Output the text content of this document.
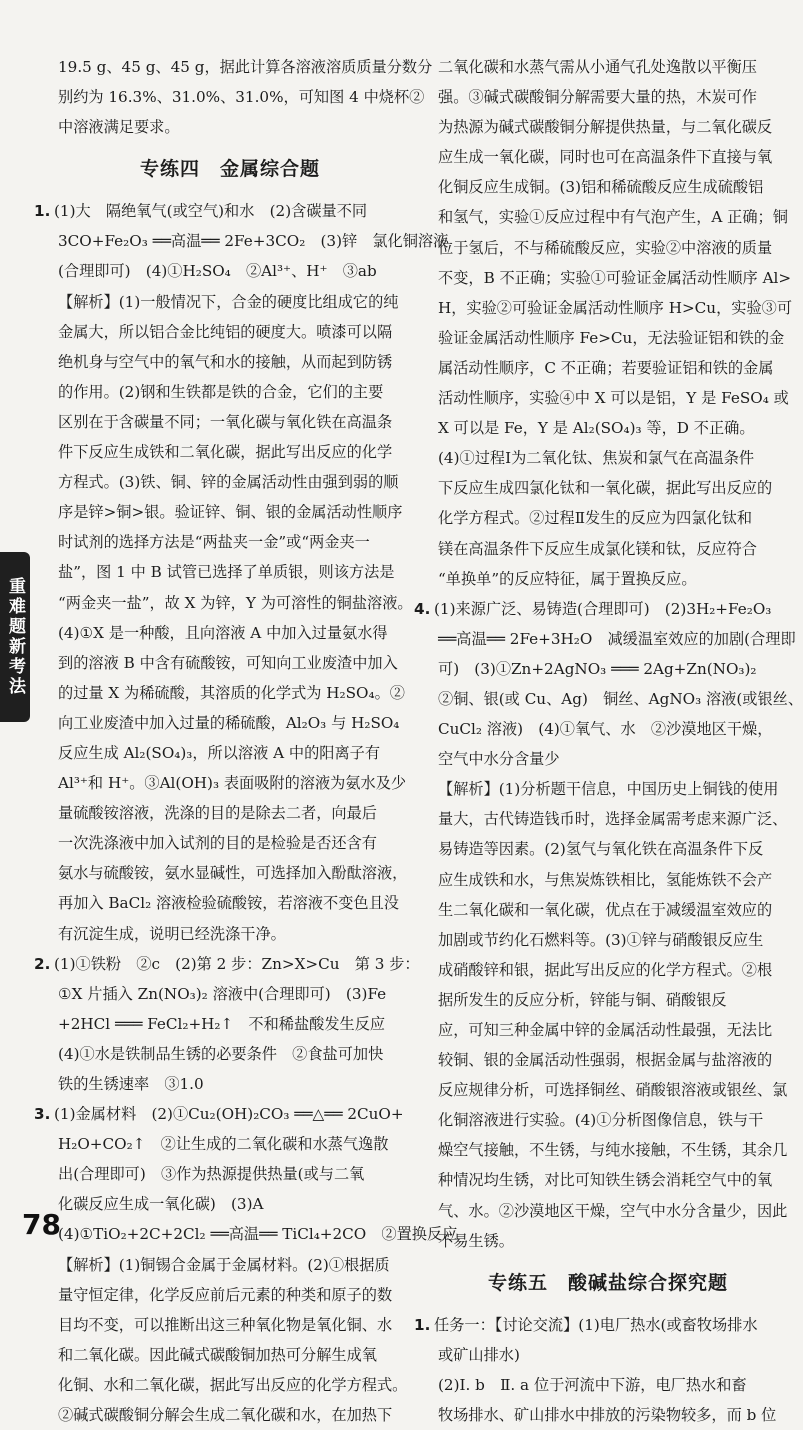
重难题新考法
19.5 g、45 g、45 g，据此计算各溶液溶质质量分数分
别约为 16.3%、31.0%、31.0%，可知图 4 中烧杯②
中溶液满足要求。
专练四　金属综合题
1. (1)大　隔绝氧气(或空气)和水　(2)含碳量不同
3CO+Fe₂O₃ ══高温══ 2Fe+3CO₂　(3)锌　氯化铜溶液
(合理即可)　(4)①H₂SO₄　②Al³⁺、H⁺　③ab
【解析】(1)一般情况下，合金的硬度比组成它的纯
金属大，所以铝合金比纯铝的硬度大。喷漆可以隔
绝机身与空气中的氧气和水的接触，从而起到防锈
的作用。(2)钢和生铁都是铁的合金，它们的主要
区别在于含碳量不同；一氧化碳与氧化铁在高温条
件下反应生成铁和二氧化碳，据此写出反应的化学
方程式。(3)铁、铜、锌的金属活动性由强到弱的顺
序是锌>铜>银。验证锌、铜、银的金属活动性顺序
时试剂的选择方法是“两盐夹一金”或“两金夹一
盐”，图 1 中 B 试管已选择了单质银，则该方法是
“两金夹一盐”，故 X 为锌，Y 为可溶性的铜盐溶液。
(4)①X 是一种酸，且向溶液 A 中加入过量氨水得
到的溶液 B 中含有硫酸铵，可知向工业废渣中加入
的过量 X 为稀硫酸，其溶质的化学式为 H₂SO₄。②
向工业废渣中加入过量的稀硫酸，Al₂O₃ 与 H₂SO₄
反应生成 Al₂(SO₄)₃，所以溶液 A 中的阳离子有
Al³⁺和 H⁺。③Al(OH)₃ 表面吸附的溶液为氨水及少
量硫酸铵溶液，洗涤的目的是除去二者，向最后
一次洗涤液中加入试剂的目的是检验是否还含有
氨水与硫酸铵，氨水显碱性，可选择加入酚酞溶液，
再加入 BaCl₂ 溶液检验硫酸铵，若溶液不变色且没
有沉淀生成，说明已经洗涤干净。
2. (1)①铁粉　②c　(2)第 2 步：Zn>X>Cu　第 3 步：
①X 片插入 Zn(NO₃)₂ 溶液中(合理即可)　(3)Fe
+2HCl ═══ FeCl₂+H₂↑　不和稀盐酸发生反应
(4)①水是铁制品生锈的必要条件　②食盐可加快
铁的生锈速率　③1.0
3. (1)金属材料　(2)①Cu₂(OH)₂CO₃ ══△══ 2CuO+
H₂O+CO₂↑　②让生成的二氧化碳和水蒸气逸散
出(合理即可)　③作为热源提供热量(或与二氧
化碳反应生成一氧化碳)　(3)A
(4)①TiO₂+2C+2Cl₂ ══高温══ TiCl₄+2CO　②置换反应
【解析】(1)铜锡合金属于金属材料。(2)①根据质
量守恒定律，化学反应前后元素的种类和原子的数
目均不变，可以推断出这三种氧化物是氧化铜、水
和二氧化碳。因此碱式碳酸铜加热可分解生成氧
化铜、水和二氧化碳，据此写出反应的化学方程式。
②碱式碳酸铜分解会生成二氧化碳和水，在加热下
二氧化碳和水蒸气需从小通气孔处逸散以平衡压
强。③碱式碳酸铜分解需要大量的热，木炭可作
为热源为碱式碳酸铜分解提供热量，与二氧化碳反
应生成一氧化碳，同时也可在高温条件下直接与氧
化铜反应生成铜。(3)铝和稀硫酸反应生成硫酸铝
和氢气，实验①反应过程中有气泡产生，A 正确；铜
位于氢后，不与稀硫酸反应，实验②中溶液的质量
不变，B 不正确；实验①可验证金属活动性顺序 Al>
H，实验②可验证金属活动性顺序 H>Cu，实验③可
验证金属活动性顺序 Fe>Cu，无法验证铝和铁的金
属活动性顺序，C 不正确；若要验证铝和铁的金属
活动性顺序，实验④中 X 可以是铝，Y 是 FeSO₄ 或
X 可以是 Fe，Y 是 Al₂(SO₄)₃ 等，D 不正确。
(4)①过程Ⅰ为二氧化钛、焦炭和氯气在高温条件
下反应生成四氯化钛和一氧化碳，据此写出反应的
化学方程式。②过程Ⅱ发生的反应为四氯化钛和
镁在高温条件下反应生成氯化镁和钛，反应符合
“单换单”的反应特征，属于置换反应。
4. (1)来源广泛、易铸造(合理即可)　(2)3H₂+Fe₂O₃
══高温══ 2Fe+3H₂O　减缓温室效应的加剧(合理即
可)　(3)①Zn+2AgNO₃ ═══ 2Ag+Zn(NO₃)₂
②铜、银(或 Cu、Ag)　铜丝、AgNO₃ 溶液(或银丝、
CuCl₂ 溶液)　(4)①氧气、水　②沙漠地区干燥，
空气中水分含量少
【解析】(1)分析题干信息，中国历史上铜钱的使用
量大，古代铸造钱币时，选择金属需考虑来源广泛、
易铸造等因素。(2)氢气与氧化铁在高温条件下反
应生成铁和水，与焦炭炼铁相比，氢能炼铁不会产
生二氧化碳和一氧化碳，优点在于减缓温室效应的
加剧或节约化石燃料等。(3)①锌与硝酸银反应生
成硝酸锌和银，据此写出反应的化学方程式。②根
据所发生的反应分析，锌能与铜、硝酸银反
应，可知三种金属中锌的金属活动性最强，无法比
较铜、银的金属活动性强弱，根据金属与盐溶液的
反应规律分析，可选择铜丝、硝酸银溶液或银丝、氯
化铜溶液进行实验。(4)①分析图像信息，铁与干
燥空气接触，不生锈，与纯水接触，不生锈，其余几
种情况均生锈，对比可知铁生锈会消耗空气中的氧
气、水。②沙漠地区干燥，空气中水分含量少，因此
不易生锈。
专练五　酸碱盐综合探究题
1. 任务一：【讨论交流】(1)电厂热水(或畜牧场排水
或矿山排水)
(2)Ⅰ. b　Ⅱ. a 位于河流中下游，电厂热水和畜
牧场排水、矿山排水中排放的污染物较多，而 b 位
78
